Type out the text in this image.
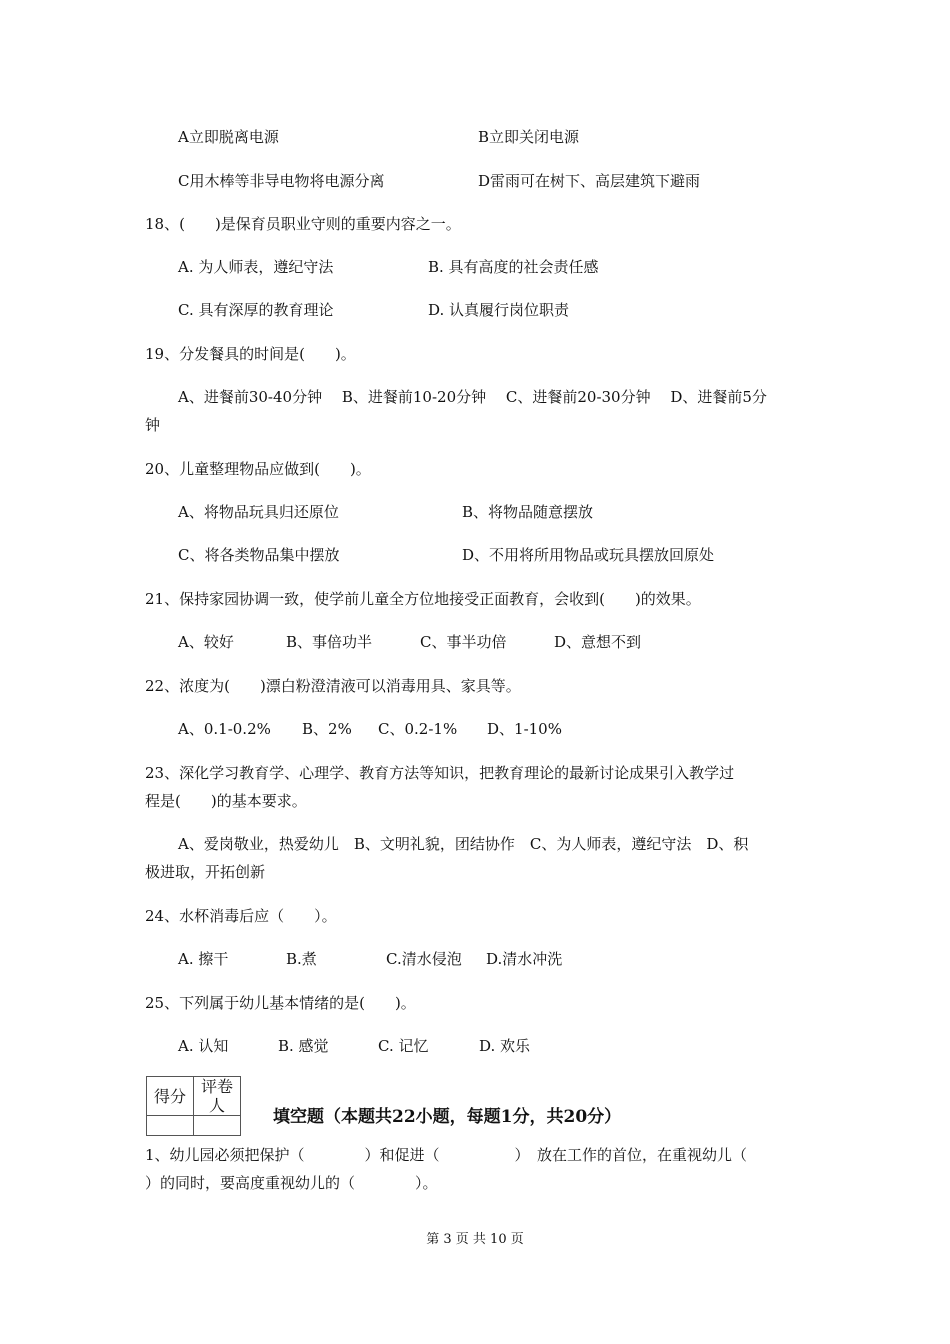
A立即脱离电源	B立即关闭电源
C用木棒等非导电物将电源分离	D雷雨可在树下、高层建筑下避雨
18、(　　)是保育员职业守则的重要内容之一。
A. 为人师表，遵纪守法	B. 具有高度的社会责任感
C. 具有深厚的教育理论	D. 认真履行岗位职责
19、分发餐具的时间是(　　)。
A、进餐前30-40分钟　 B、进餐前10-20分钟　 C、进餐前20-30分钟　 D、进餐前5分
钟
20、儿童整理物品应做到(　　)。
A、将物品玩具归还原位	B、将物品随意摆放
C、将各类物品集中摆放	D、不用将所用物品或玩具摆放回原处
21、保持家园协调一致，使学前儿童全方位地接受正面教育，会收到(　　)的效果。
A、较好	B、事倍功半	C、事半功倍	D、意想不到
22、浓度为(　　)漂白粉澄清液可以消毒用具、家具等。
A、0.1-0.2% B、2% C、0.2-1% D、1-10%
23、深化学习教育学、心理学、教育方法等知识，把教育理论的最新讨论成果引入教学过
程是(　　)的基本要求。
A、爱岗敬业，热爱幼儿　B、文明礼貌，团结协作　C、为人师表，遵纪守法　D、积
极进取，开拓创新
24、水杯消毒后应（　　）。
A. 擦干	B.煮	C.清水侵泡 D.清水冲洗
25、下列属于幼儿基本情绪的是(　　)。
A. 认知	B. 感觉	C. 记忆	D. 欢乐
得分	评卷人

填空题（本题共22小题，每题1分，共20分）
1、幼儿园必须把保护（　　　　）和促进（　　　　　）　放在工作的首位，在重视幼儿（
）的同时，要高度重视幼儿的（　　　　）。
第 3 页 共 10 页
